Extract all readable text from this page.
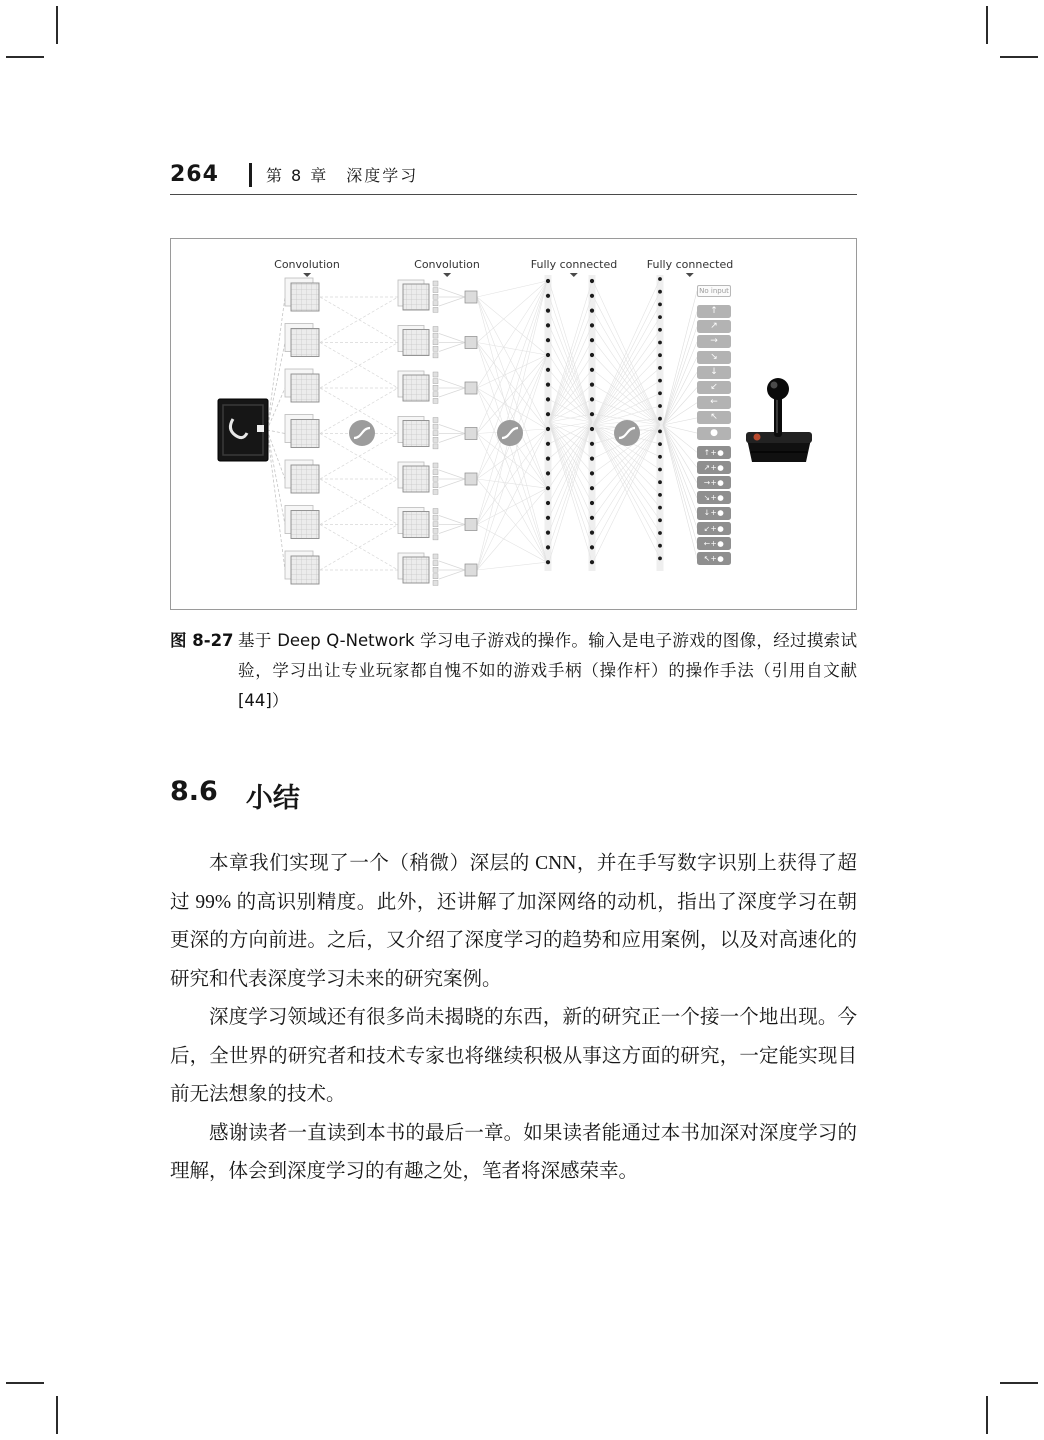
264	第 8 章　深度学习
Convolution	Convolution	Fully connected	Fully connected
No input
↑
↗
→
↘
↓
↙
←
↖
●
↑+●
↗+●
→+●
↘+●
↓+●
↙+●
←+●
↖+●
图 8-27 基于 Deep Q-Network 学习电子游戏的操作。输入是电子游戏的图像，经过摸索试验，学习出让专业玩家都自愧不如的游戏手柄（操作杆）的操作手法（引用自文献 [44]）
8.6 小结

本章我们实现了一个（稍微）深层的 CNN，并在手写数字识别上获得了超过 99% 的高识别精度。此外，还讲解了加深网络的动机，指出了深度学习在朝更深的方向前进。之后，又介绍了深度学习的趋势和应用案例，以及对高速化的研究和代表深度学习未来的研究案例。

深度学习领域还有很多尚未揭晓的东西，新的研究正一个接一个地出现。今后，全世界的研究者和技术专家也将继续积极从事这方面的研究，一定能实现目前无法想象的技术。

感谢读者一直读到本书的最后一章。如果读者能通过本书加深对深度学习的理解，体会到深度学习的有趣之处，笔者将深感荣幸。
